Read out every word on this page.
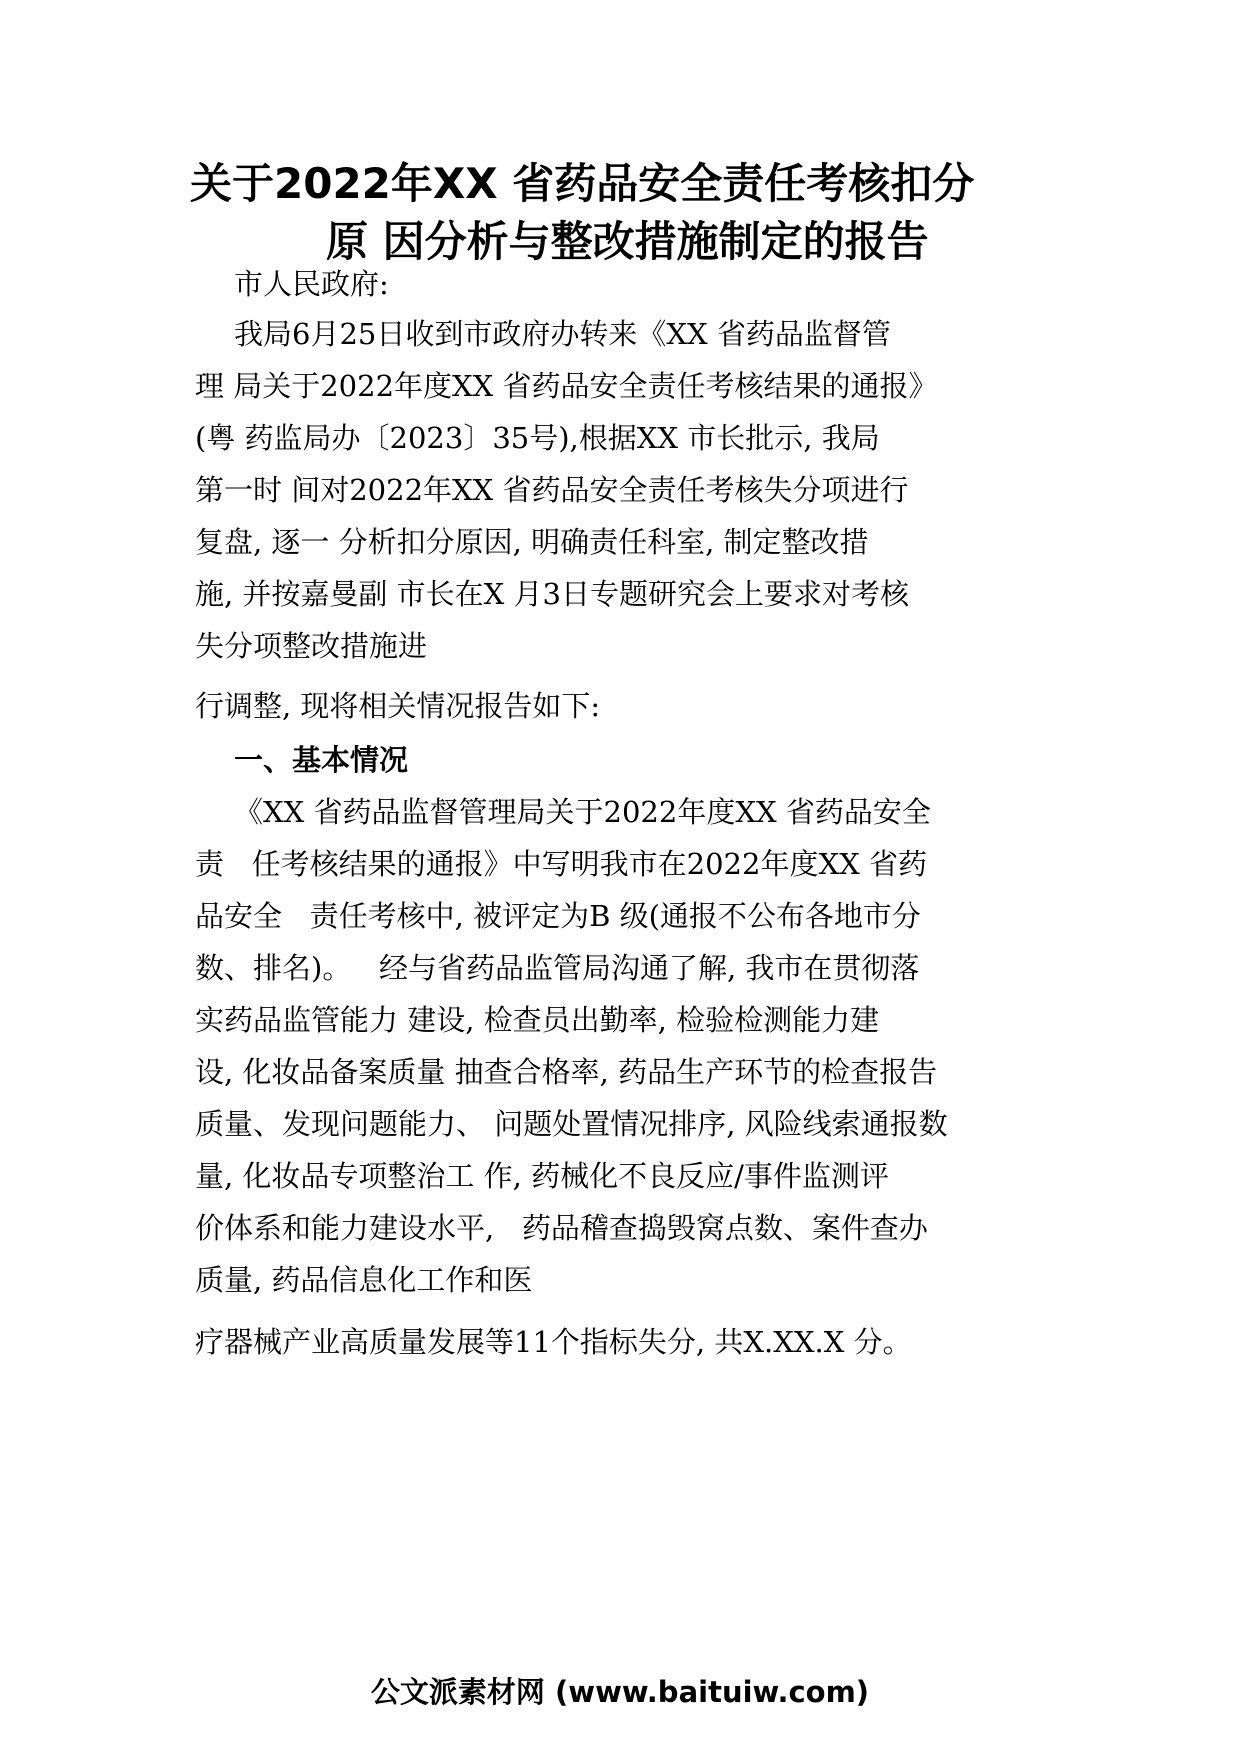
关于2022年XX 省药品安全责任考核扣分
原 因分析与整改措施制定的报告

市人民政府:

我局6月25日收到市政府办转来《XX 省药品监督管

理 局关于2022年度XX 省药品安全责任考核结果的通报》

(粤 药监局办〔2023〕35号),根据XX 市长批示, 我局

第一时 间对2022年XX 省药品安全责任考核失分项进行

复盘, 逐一 分析扣分原因, 明确责任科室, 制定整改措

施, 并按嘉曼副 市长在X 月3日专题研究会上要求对考核

失分项整改措施进

行调整, 现将相关情况报告如下:

一、基本情况

《XX 省药品监督管理局关于2022年度XX 省药品安全

责   任考核结果的通报》中写明我市在2022年度XX 省药

品安全   责任考核中, 被评定为B 级(通报不公布各地市分

数、排名)。   经与省药品监管局沟通了解, 我市在贯彻落

实药品监管能力 建设, 检查员出勤率, 检验检测能力建

设, 化妆品备案质量 抽查合格率, 药品生产环节的检查报告

质量、发现问题能力、 问题处置情况排序, 风险线索通报数

量, 化妆品专项整治工 作, 药械化不良反应/事件监测评

价体系和能力建设水平,   药品稽查捣毁窝点数、案件查办

质量, 药品信息化工作和医

疗器械产业高质量发展等11个指标失分, 共X.XX.X 分。

公文派素材网 (www.baituiw.com)
